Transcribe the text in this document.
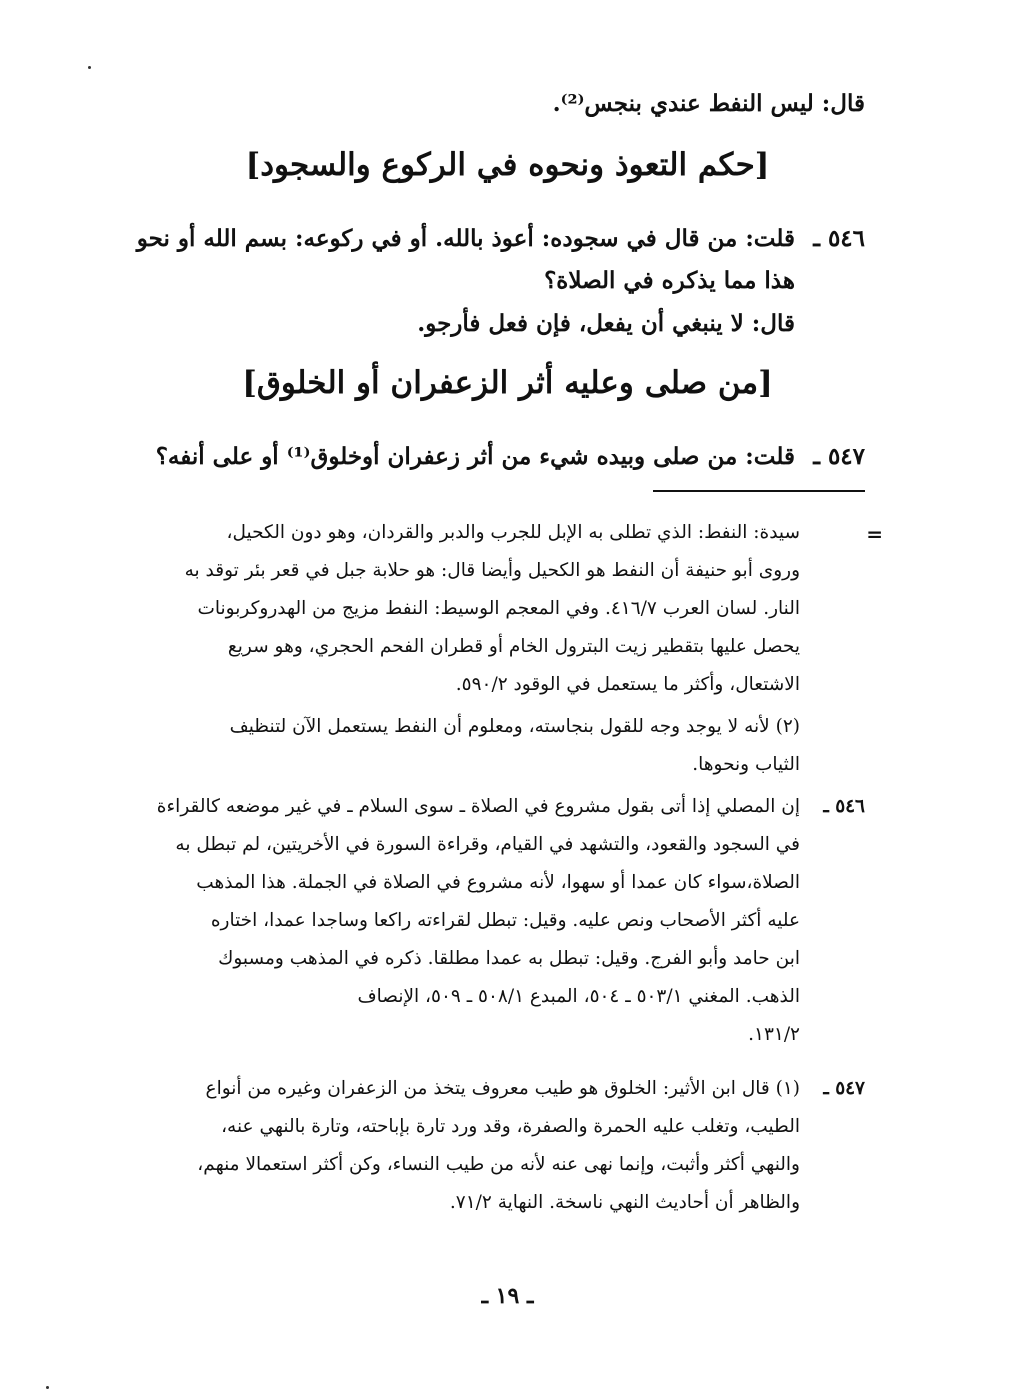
قال: ليس النفط عندي بنجس⁽²⁾.
[حكم التعوذ ونحوه في الركوع والسجود]
٥٤٦ ـ
قلت: من قال في سجوده: أعوذ بالله. أو في ركوعه: بسم الله أو نحو
هذا مما يذكره في الصلاة؟
قال: لا ينبغي أن يفعل، فإن فعل فأرجو.
[من صلى وعليه أثر الزعفران أو الخلوق]
٥٤٧ ـ
قلت: من صلى وبيده شيء من أثر زعفران أوخلوق⁽¹⁾ أو على أنفه؟
=
سيدة: النفط: الذي تطلى به الإبل للجرب والدبر والقردان، وهو دون الكحيل،
وروى أبو حنيفة أن النفط هو الكحيل وأيضا قال: هو حلابة جبل في قعر بئر توقد به
النار. لسان العرب ٤١٦/٧. وفي المعجم الوسيط: النفط مزيج من الهدروكربونات
يحصل عليها بتقطير زيت البترول الخام أو قطران الفحم الحجري، وهو سريع
الاشتعال، وأكثر ما يستعمل في الوقود ٥٩٠/٢.
(٢) لأنه لا يوجد وجه للقول بنجاسته، ومعلوم أن النفط يستعمل الآن لتنظيف
الثياب ونحوها.
٥٤٦ ـ
إن المصلي إذا أتى بقول مشروع في الصلاة ـ سوى السلام ـ في غير موضعه كالقراءة
في السجود والقعود، والتشهد في القيام، وقراءة السورة في الأخريتين، لم تبطل به
الصلاة،سواء كان عمدا أو سهوا، لأنه مشروع في الصلاة في الجملة. هذا المذهب
عليه أكثر الأصحاب ونص عليه. وقيل: تبطل لقراءته راكعا وساجدا عمدا، اختاره
ابن حامد وأبو الفرج. وقيل: تبطل به عمدا مطلقا. ذكره في المذهب ومسبوك
الذهب. المغني ٥٠٣/١ ـ ٥٠٤، المبدع ٥٠٨/١ ـ ٥٠٩، الإنصاف
١٣١/٢.
٥٤٧ ـ
(١) قال ابن الأثير: الخلوق هو طيب معروف يتخذ من الزعفران وغيره من أنواع
الطيب، وتغلب عليه الحمرة والصفرة، وقد ورد تارة بإباحته، وتارة بالنهي عنه،
والنهي أكثر وأثبت، وإنما نهى عنه لأنه من طيب النساء، وكن أكثر استعمالا منهم،
والظاهر أن أحاديث النهي ناسخة. النهاية ٧١/٢.
ـ ١٩ ـ
